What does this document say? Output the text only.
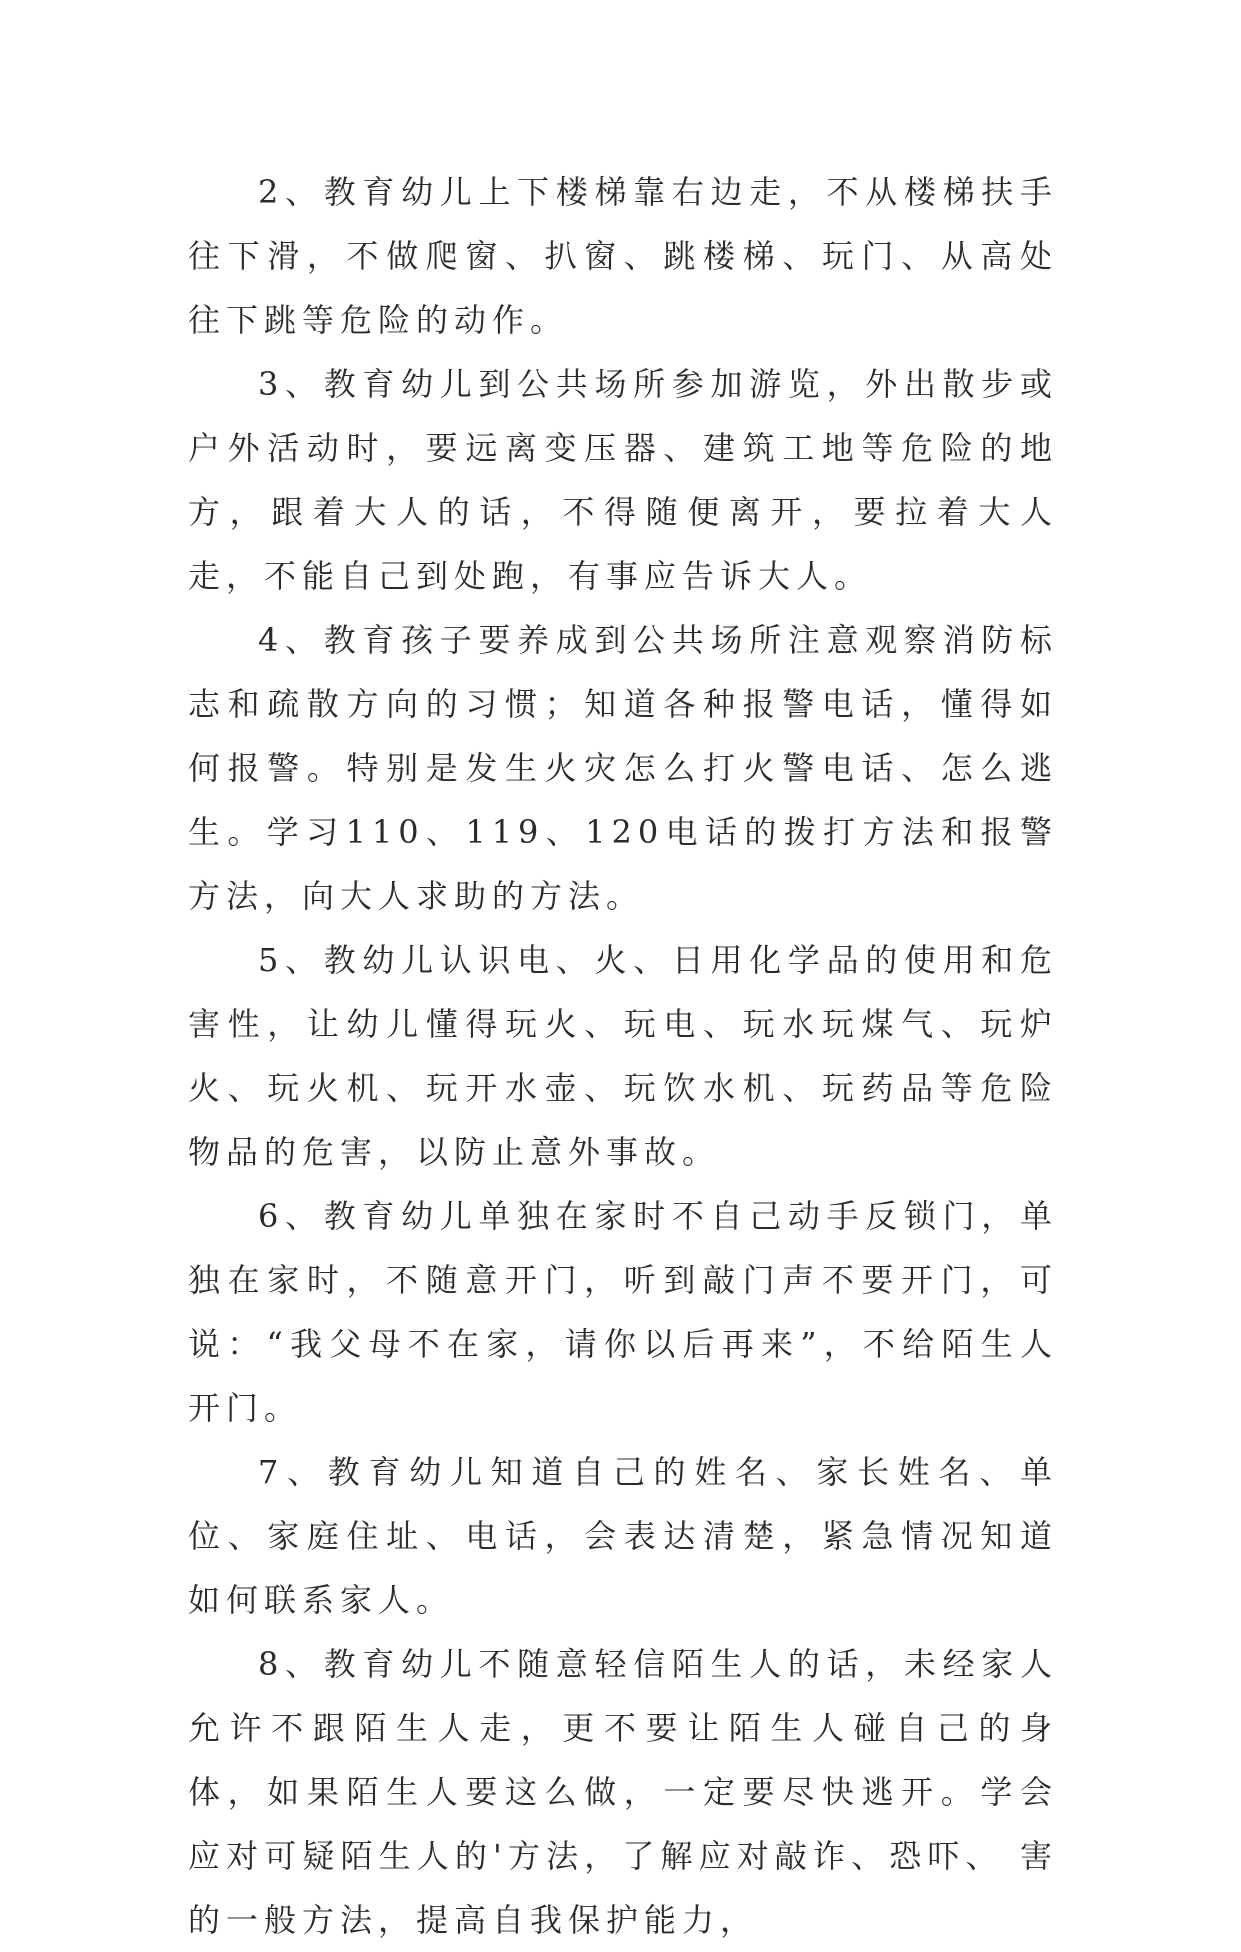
2、教育幼儿上下楼梯靠右边走，不从楼梯扶手往下滑，不做爬窗、扒窗、跳楼梯、玩门、从高处往下跳等危险的动作。

3、教育幼儿到公共场所参加游览，外出散步或户外活动时，要远离变压器、建筑工地等危险的地方，跟着大人的话，不得随便离开，要拉着大人走，不能自己到处跑，有事应告诉大人。

4、教育孩子要养成到公共场所注意观察消防标志和疏散方向的习惯；知道各种报警电话，懂得如何报警。特别是发生火灾怎么打火警电话、怎么逃生。学习110、119、120电话的拨打方法和报警方法，向大人求助的方法。

5、教幼儿认识电、火、日用化学品的使用和危害性，让幼儿懂得玩火、玩电、玩水玩煤气、玩炉火、玩火机、玩开水壶、玩饮水机、玩药品等危险物品的危害，以防止意外事故。

6、教育幼儿单独在家时不自己动手反锁门，单独在家时，不随意开门，听到敲门声不要开门，可说：“我父母不在家，请你以后再来”，不给陌生人开门。

7、教育幼儿知道自己的姓名、家长姓名、单位、家庭住址、电话，会表达清楚，紧急情况知道如何联系家人。

8、教育幼儿不随意轻信陌生人的话，未经家人允许不跟陌生人走，更不要让陌生人碰自己的身体，如果陌生人要这么做，一定要尽快逃开。学会应对可疑陌生人的'方法，了解应对敲诈、恐吓、 害的一般方法，提高自我保护能力，
